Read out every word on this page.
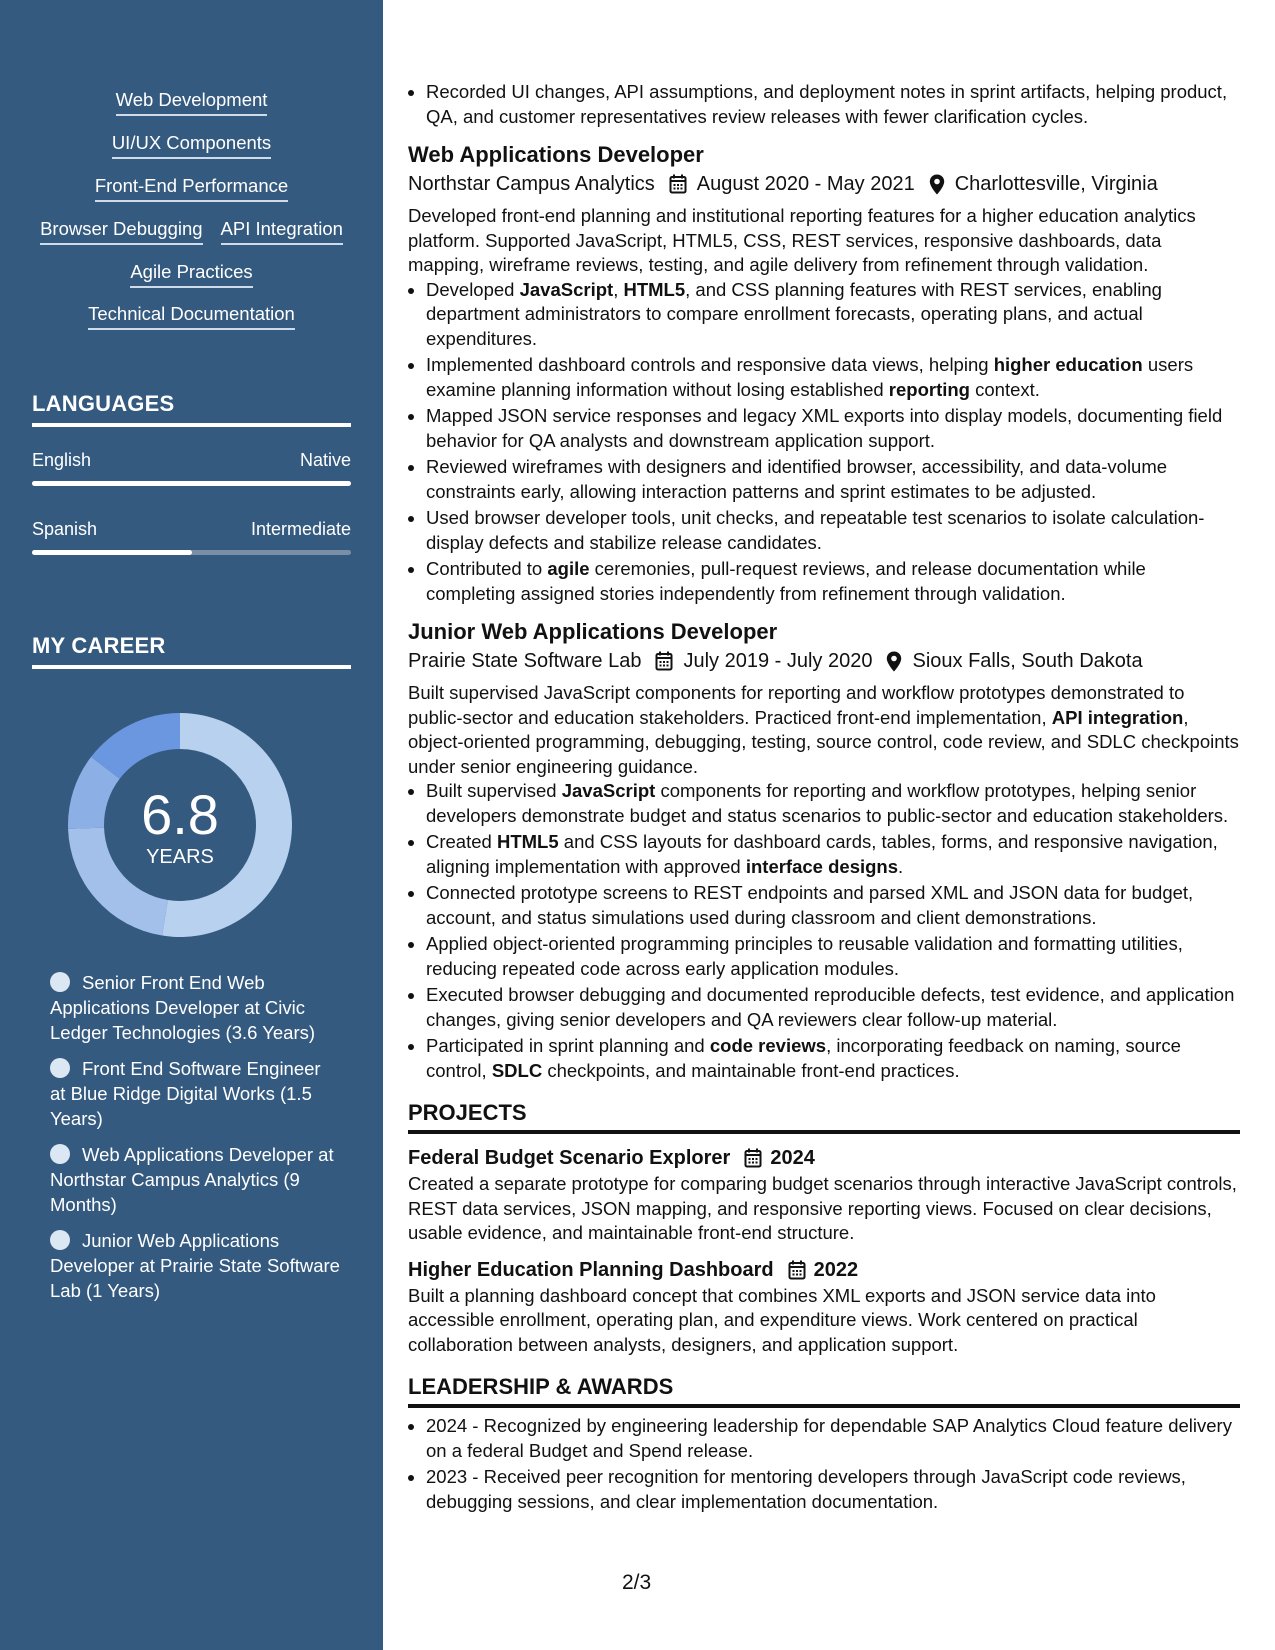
Web Development
UI/UX Components
Front-End Performance
Browser Debugging API Integration
Agile Practices
Technical Documentation
LANGUAGES
English	Native
Spanish	Intermediate
MY CAREER
6.8
YEARS
Senior Front End Web Applications Developer at Civic Ledger Technologies (3.6 Years)
Front End Software Engineer at Blue Ridge Digital Works (1.5 Years)
Web Applications Developer at Northstar Campus Analytics (9 Months)
Junior Web Applications Developer at Prairie State Software Lab (1 Years)
• Recorded UI changes, API assumptions, and deployment notes in sprint artifacts, helping product, QA, and customer representatives review releases with fewer clarification cycles.
Web Applications Developer
Northstar Campus Analytics August 2020 - May 2021 Charlottesville, Virginia

Developed front-end planning and institutional reporting features for a higher education analytics platform. Supported JavaScript, HTML5, CSS, REST services, responsive dashboards, data mapping, wireframe reviews, testing, and agile delivery from refinement through validation.

• Developed JavaScript, HTML5, and CSS planning features with REST services, enabling department administrators to compare enrollment forecasts, operating plans, and actual expenditures.
• Implemented dashboard controls and responsive data views, helping higher education users examine planning information without losing established reporting context.
• Mapped JSON service responses and legacy XML exports into display models, documenting field behavior for QA analysts and downstream application support.
• Reviewed wireframes with designers and identified browser, accessibility, and data-volume constraints early, allowing interaction patterns and sprint estimates to be adjusted.
• Used browser developer tools, unit checks, and repeatable test scenarios to isolate calculation-display defects and stabilize release candidates.
• Contributed to agile ceremonies, pull-request reviews, and release documentation while completing assigned stories independently from refinement through validation.
Junior Web Applications Developer
Prairie State Software Lab July 2019 - July 2020 Sioux Falls, South Dakota

Built supervised JavaScript components for reporting and workflow prototypes demonstrated to public-sector and education stakeholders. Practiced front-end implementation, API integration, object-oriented programming, debugging, testing, source control, code review, and SDLC checkpoints under senior engineering guidance.

• Built supervised JavaScript components for reporting and workflow prototypes, helping senior developers demonstrate budget and status scenarios to public-sector and education stakeholders.
• Created HTML5 and CSS layouts for dashboard cards, tables, forms, and responsive navigation, aligning implementation with approved interface designs.
• Connected prototype screens to REST endpoints and parsed XML and JSON data for budget, account, and status simulations used during classroom and client demonstrations.
• Applied object-oriented programming principles to reusable validation and formatting utilities, reducing repeated code across early application modules.
• Executed browser debugging and documented reproducible defects, test evidence, and application changes, giving senior developers and QA reviewers clear follow-up material.
• Participated in sprint planning and code reviews, incorporating feedback on naming, source control, SDLC checkpoints, and maintainable front-end practices.
PROJECTS
Federal Budget Scenario Explorer 2024

Created a separate prototype for comparing budget scenarios through interactive JavaScript controls, REST data services, JSON mapping, and responsive reporting views. Focused on clear decisions, usable evidence, and maintainable front-end structure.

Higher Education Planning Dashboard 2022

Built a planning dashboard concept that combines XML exports and JSON service data into accessible enrollment, operating plan, and expenditure views. Work centered on practical collaboration between analysts, designers, and application support.

LEADERSHIP & AWARDS
• 2024 - Recognized by engineering leadership for dependable SAP Analytics Cloud feature delivery on a federal Budget and Spend release.
• 2023 - Received peer recognition for mentoring developers through JavaScript code reviews, debugging sessions, and clear implementation documentation.
2/3
